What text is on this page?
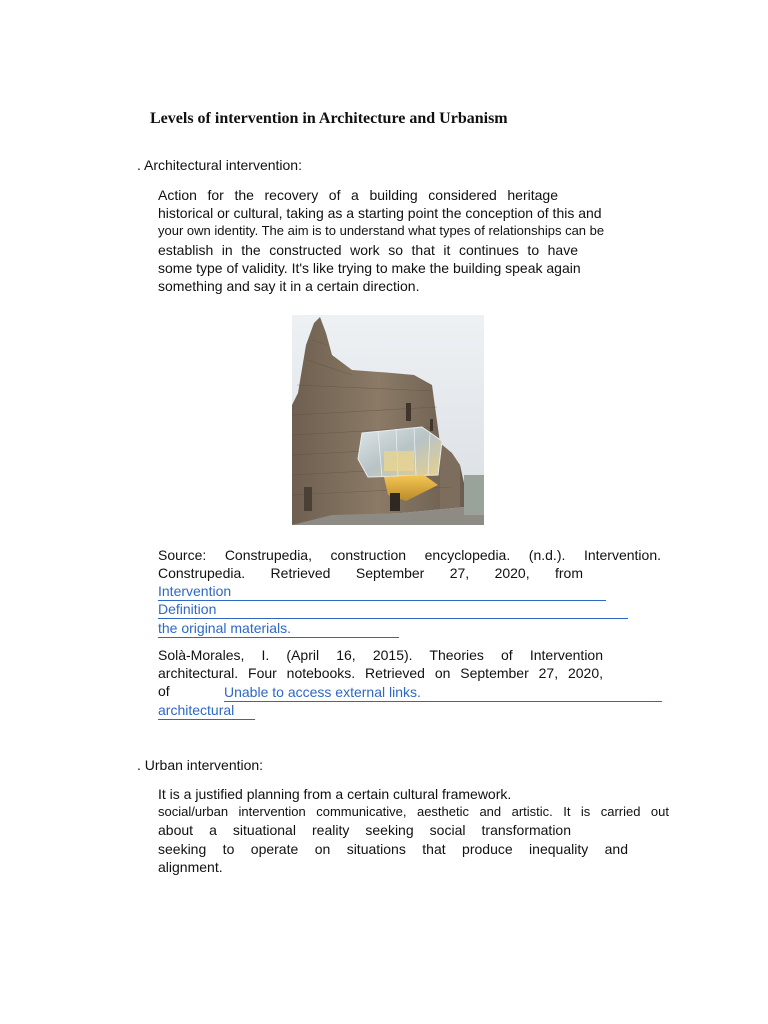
Levels of intervention in Architecture and Urbanism
. Architectural intervention:
Action for the recovery of a building considered heritage
historical or cultural, taking as a starting point the conception of this and
your own identity. The aim is to understand what types of relationships can be
establish in the constructed work so that it continues to have
some type of validity. It's like trying to make the building speak again
something and say it in a certain direction.
Source: Construpedia, construction encyclopedia. (n.d.). Intervention.
Construpedia. Retrieved September 27, 2020, from
Intervention
Definition
the original materials.
Solà-Morales, I. (April 16, 2015). Theories of Intervention
architectural. Four notebooks. Retrieved on September 27, 2020,
of	Unable to access external links.
architectural
. Urban intervention:
It is a justified planning from a certain cultural framework.
social/urban intervention communicative, aesthetic and artistic. It is carried out
about a situational reality seeking social transformation
seeking to operate on situations that produce inequality and
alignment.
